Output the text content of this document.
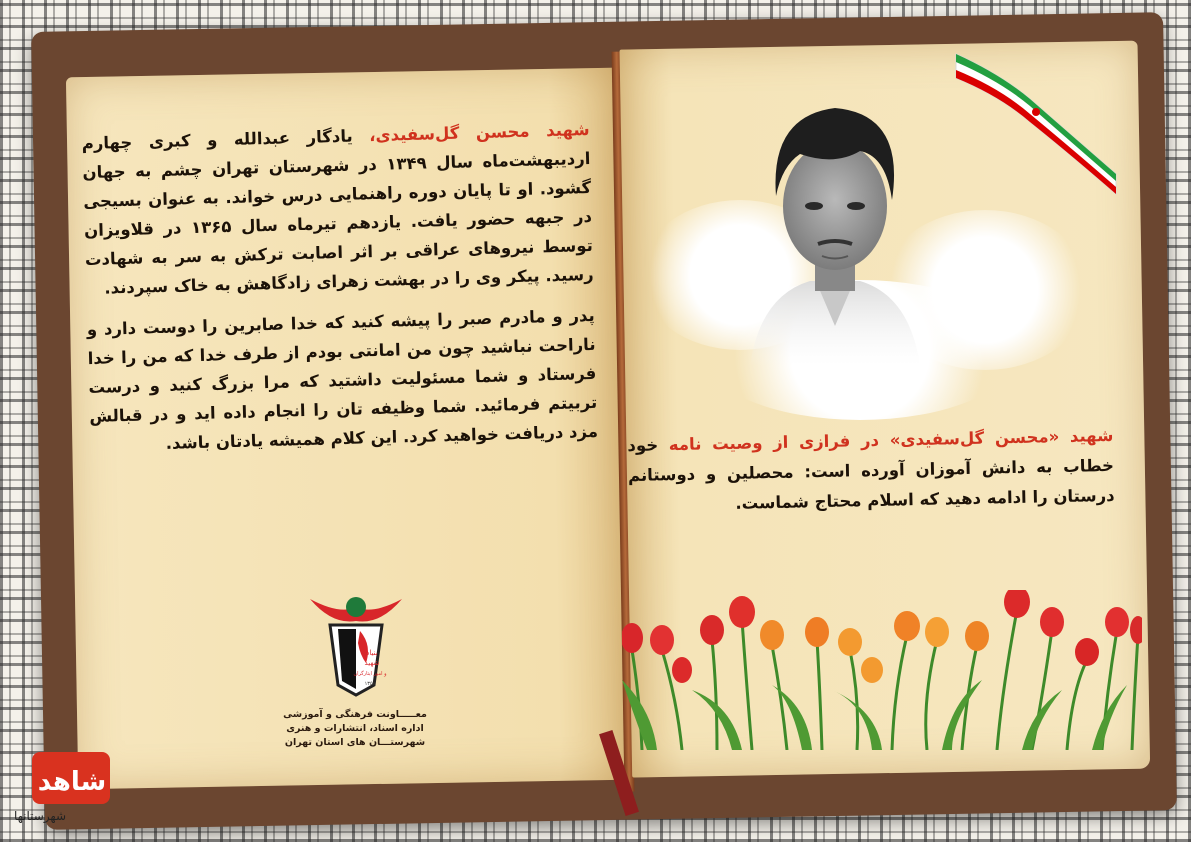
شهید محسن گل‌سفیدی، یادگار عبدالله و کبری چهارم اردیبهشت‌ماه سال ۱۳۴۹ در شهرستان تهران چشم به جهان گشود. او تا پایان دوره راهنمایی درس خواند. به عنوان بسیجی در جبهه حضور یافت. یازدهم تیرماه سال ۱۳۶۵ در قلاویزان توسط نیروهای عراقی بر اثر اصابت ترکش به سر به شهادت رسید. پیکر وی را در بهشت زهرای زادگاهش به خاک سپردند.

پدر و مادرم صبر را پیشه کنید که خدا صابرین را دوست دارد و ناراحت نباشید چون من امانتی بودم از طرف خدا که من را خدا فرستاد و شما مسئولیت داشتید که مرا بزرگ کنید و درست تربیتم فرمائید. شما وظیفه تان را انجام داده اید و در قبالش مزد دریافت خواهید کرد. این کلام همیشه یادتان باشد.	شهید «محسن گل‌سفیدی» در فرازی از وصیت نامه خود خطاب به دانش آموزان آورده است: محصلین و دوستانم درستان را ادامه دهید که اسلام محتاج شماست.
بنیاد
شهید
و امور ایثارگران
۱۳۵۸
معـــــاونت فرهنگی و آموزشی
اداره اسناد، انتشارات و هنری
شهرستـــان های استان تهران
شاهد
شهرستانها
